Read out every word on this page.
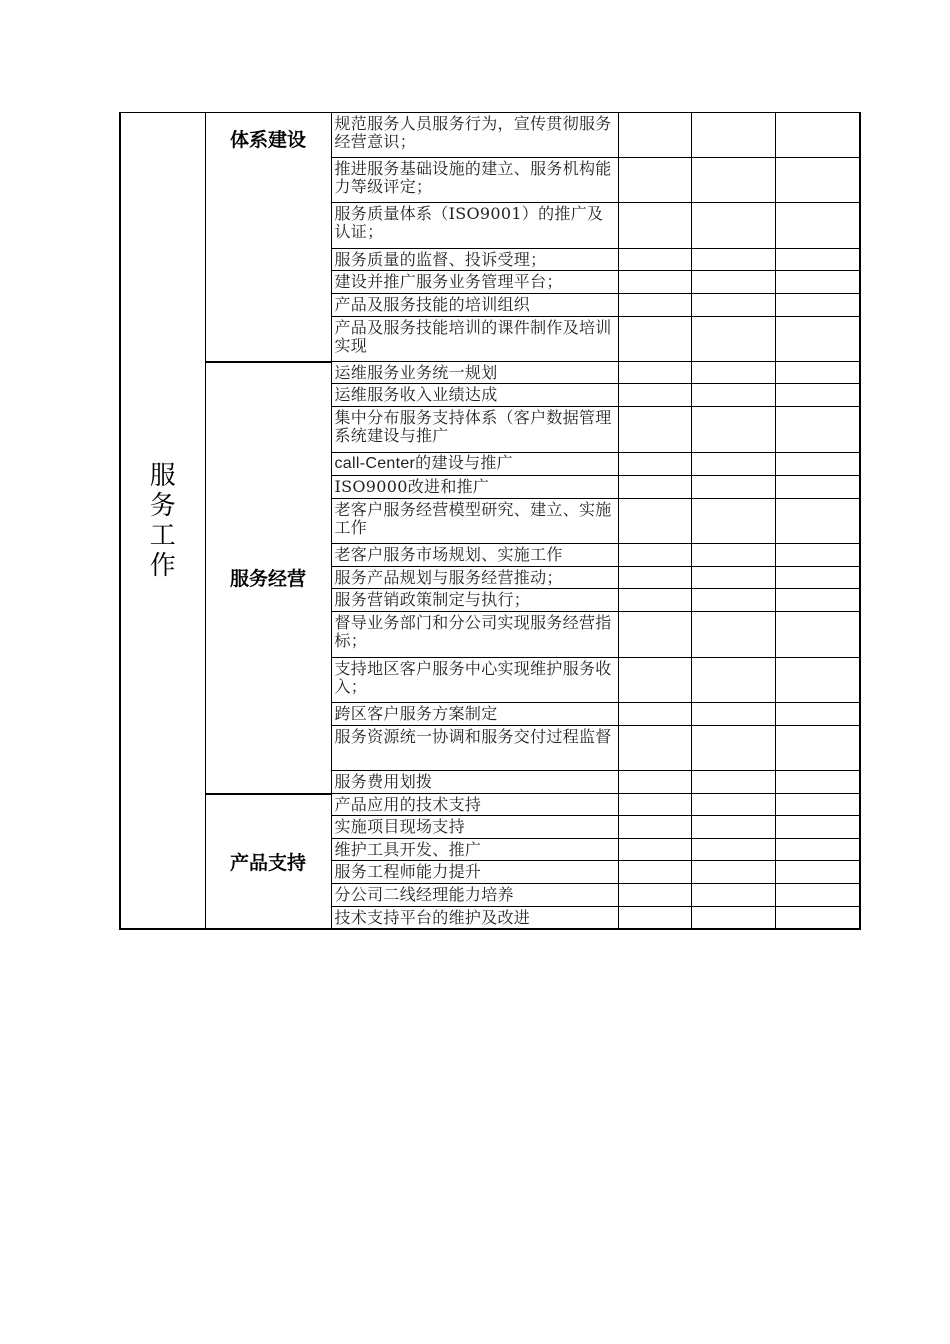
服
务
工
作	体系建设	规范服务人员服务行为，宣传贯彻服务经营意识；			
		推进服务基础设施的建立、服务机构能力等级评定；			
		服务质量体系（ISO9001）的推广及认证；			
		服务质量的监督、投诉受理；			
		建设并推广服务业务管理平台；			
		产品及服务技能的培训组织			
		产品及服务技能培训的课件制作及培训实现			
	服务经营	运维服务业务统一规划			
		运维服务收入业绩达成			
		集中分布服务支持体系（客户数据管理系统建设与推广			
		call-Center的建设与推广			
		ISO9000改进和推广			
		老客户服务经营模型研究、建立、实施工作			
		老客户服务市场规划、实施工作			
		服务产品规划与服务经营推动；			
		服务营销政策制定与执行；			
		督导业务部门和分公司实现服务经营指标；			
		支持地区客户服务中心实现维护服务收入；			
		跨区客户服务方案制定			
		服务资源统一协调和服务交付过程监督			
		服务费用划拨			
	产品支持	产品应用的技术支持			
		实施项目现场支持			
		维护工具开发、推广			
		服务工程师能力提升			
		分公司二线经理能力培养			
		技术支持平台的维护及改进			
